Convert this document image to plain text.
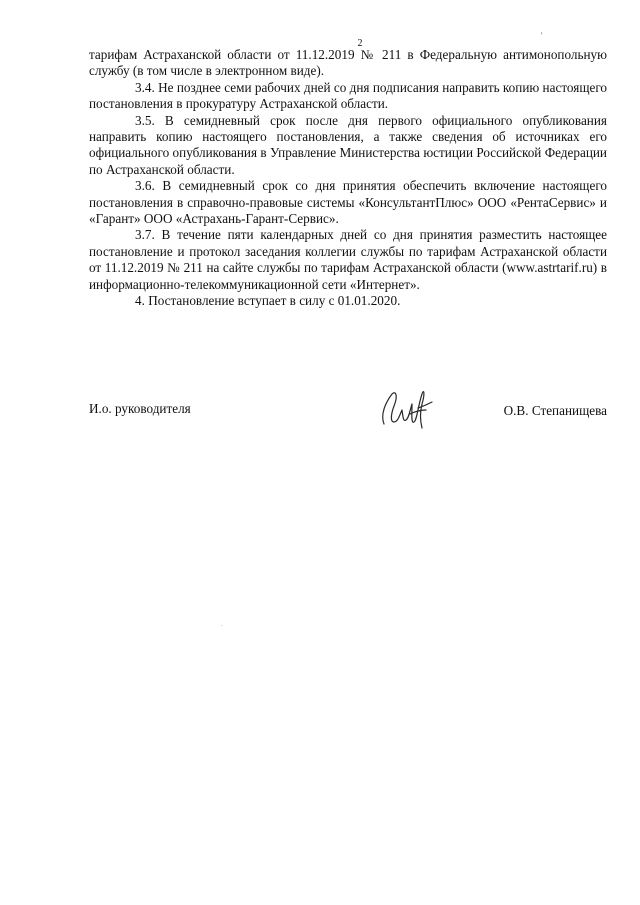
2
'

тарифам Астраханской области от 11.12.2019 № 211 в Федеральную антимонопольную службу (в том числе в электронном виде).

3.4. Не позднее семи рабочих дней со дня подписания направить копию настоящего постановления в прокуратуру Астраханской области.

3.5. В семидневный срок после дня первого официального опубликования направить копию настоящего постановления, а также сведения об источниках его официального опубликования в Управление Министерства юстиции Российской Федерации по Астраханской области.

3.6. В семидневный срок со дня принятия обеспечить включение настоящего постановления в справочно-правовые системы «КонсультантПлюс» ООО «РентаСервис» и «Гарант» ООО «Астрахань-Гарант-Сервис».

3.7. В течение пяти календарных дней со дня принятия разместить настоящее постановление и протокол заседания коллегии службы по тарифам Астраханской области от 11.12.2019 № 211 на сайте службы по тарифам Астраханской области (www.astrtarif.ru) в информационно-телекоммуникационной сети «Интернет».

4. Постановление вступает в силу с 01.01.2020.

И.о. руководителя	О.В. Степанищева
.
